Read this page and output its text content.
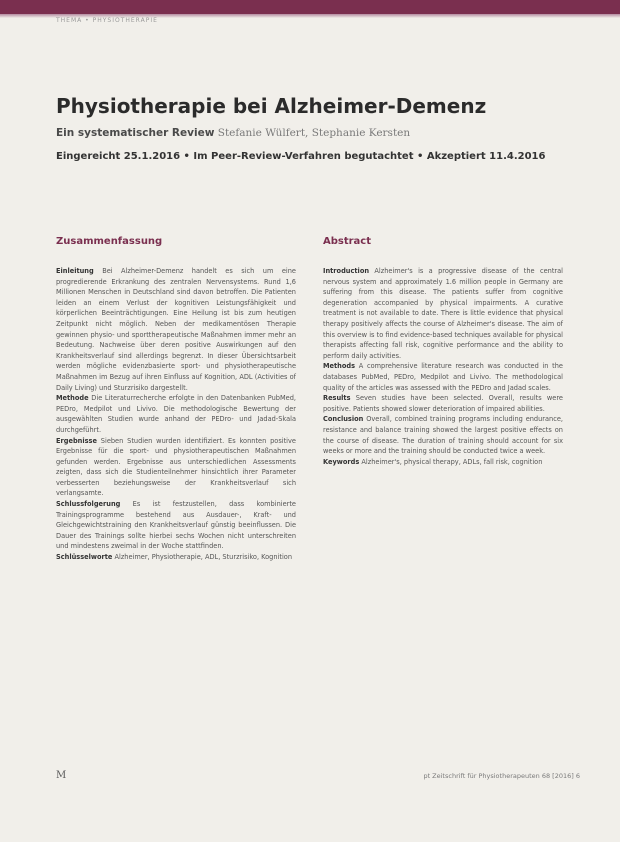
THEMA • PHYSIOTHERAPIE
Physiotherapie bei Alzheimer-Demenz
Ein systematischer Review Stefanie Wülfert, Stephanie Kersten
Eingereicht 25.1.2016 • Im Peer-Review-Verfahren begutachtet • Akzeptiert 11.4.2016
Zusammenfassung	Abstract

Einleitung Bei Alzheimer-Demenz handelt es sich um eine progredierende Erkrankung des zentralen Nervensystems. Rund 1,6 Millionen Menschen in Deutschland sind davon betroffen. Die Patienten leiden an einem Verlust der kognitiven Leistungsfähigkeit und körperlichen Beeinträchtigungen. Eine Heilung ist bis zum heutigen Zeitpunkt nicht möglich. Neben der medikamentösen Therapie gewinnen physio- und sporttherapeutische Maßnahmen immer mehr an Bedeutung. Nachweise über deren positive Auswirkungen auf den Krankheitsverlauf sind allerdings begrenzt. In dieser Übersichtsarbeit werden mögliche evidenzbasierte sport- und physiotherapeutische Maßnahmen im Bezug auf ihren Einfluss auf Kognition, ADL (Activities of Daily Living) und Sturzrisiko dargestellt.

Methode Die Literaturrecherche erfolgte in den Datenbanken PubMed, PEDro, Medpilot und Livivo. Die methodologische Bewertung der ausgewählten Studien wurde anhand der PEDro- und Jadad-Skala durchgeführt.

Ergebnisse Sieben Studien wurden identifiziert. Es konnten positive Ergebnisse für die sport- und physiotherapeutischen Maßnahmen gefunden werden. Ergebnisse aus unterschiedlichen Assessments zeigten, dass sich die Studienteilnehmer hinsichtlich ihrer Parameter verbesserten beziehungsweise der Krankheitsverlauf sich verlangsamte.

Schlussfolgerung Es ist festzustellen, dass kombinierte Trainingsprogramme bestehend aus Ausdauer-, Kraft- und Gleichgewichtstraining den Krankheitsverlauf günstig beeinflussen. Die Dauer des Trainings sollte hierbei sechs Wochen nicht unterschreiten und mindestens zweimal in der Woche stattfinden.

Schlüsselworte Alzheimer, Physiotherapie, ADL, Sturzrisiko, Kognition

Introduction Alzheimer's is a progressive disease of the central nervous system and approximately 1.6 million people in Germany are suffering from this disease. The patients suffer from cognitive degeneration accompanied by physical impairments. A curative treatment is not available to date. There is little evidence that physical therapy positively affects the course of Alzheimer's disease. The aim of this overview is to find evidence-based techniques available for physical therapists affecting fall risk, cognitive performance and the ability to perform daily activities.

Methods A comprehensive literature research was conducted in the databases PubMed, PEDro, Medpilot and Livivo. The methodological quality of the articles was assessed with the PEDro and Jadad scales.

Results Seven studies have been selected. Overall, results were positive. Patients showed slower deterioration of impaired abilities.

Conclusion Overall, combined training programs including endurance, resistance and balance training showed the largest positive effects on the course of disease. The duration of training should account for six weeks or more and the training should be conducted twice a week.

Keywords Alzheimer's, physical therapy, ADLs, fall risk, cognition

M	pt Zeitschrift für Physiotherapeuten 68 [2016] 6
